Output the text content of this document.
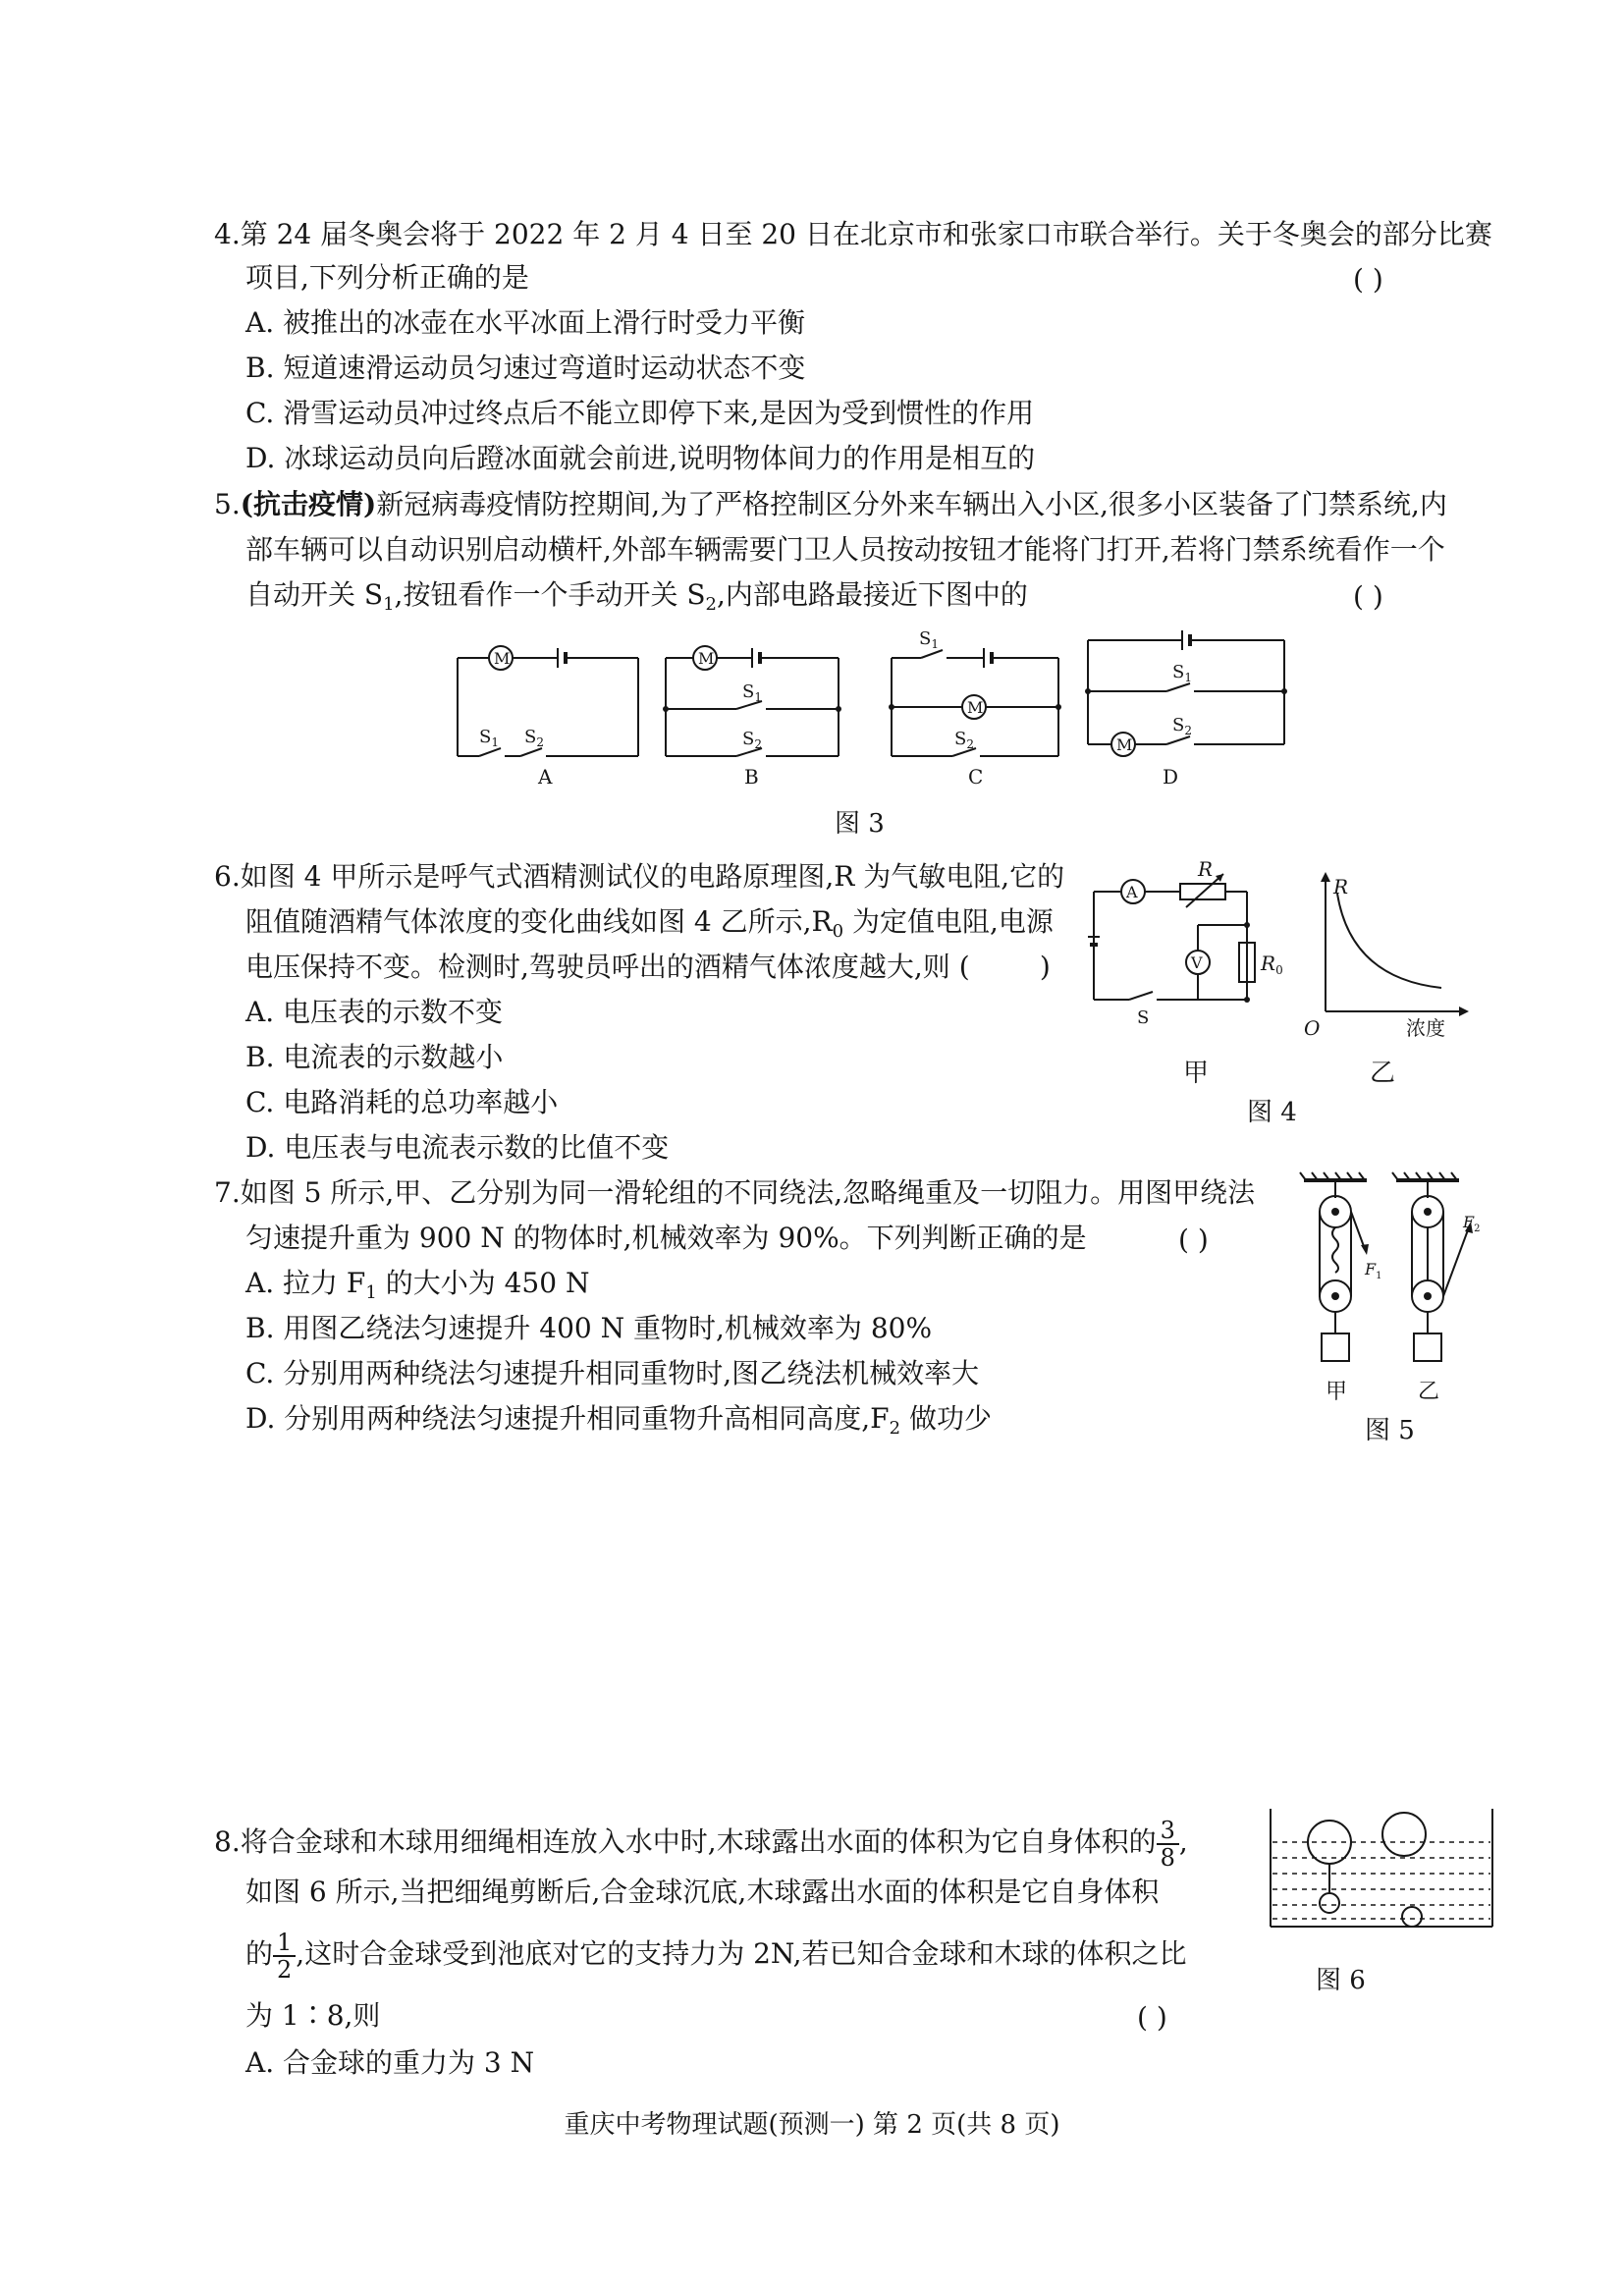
4.第 24 届冬奥会将于 2022 年 2 月 4 日至 20 日在北京市和张家口市联合举行。关于冬奥会的部分比赛
项目,下列分析正确的是	( )
A. 被推出的冰壶在水平冰面上滑行时受力平衡
B. 短道速滑运动员匀速过弯道时运动状态不变
C. 滑雪运动员冲过终点后不能立即停下来,是因为受到惯性的作用
D. 冰球运动员向后蹬冰面就会前进,说明物体间力的作用是相互的
5.(抗击疫情)新冠病毒疫情防控期间,为了严格控制区分外来车辆出入小区,很多小区装备了门禁系统,内
部车辆可以自动识别启动横杆,外部车辆需要门卫人员按动按钮才能将门打开,若将门禁系统看作一个
自动开关 $S_1$,按钮看作一个手动开关 $S_2$,内部电路最接近下图中的	( )
M
$S_1$ $S_2$
A
M
$S_1$
$S_2$
B
$S_1$
M
$S_2$
C
$S_1$
M
$S_2$
D
图 3
6.如图 4 甲所示是呼气式酒精测试仪的电路原理图,R 为气敏电阻,它的
阻值随酒精气体浓度的变化曲线如图 4 乙所示$,R_0$ 为定值电阻,电源
电压保持不变。检测时,驾驶员呼出的酒精气体浓度越大,则 (        )
A. 电压表的示数不变
B. 电流表的示数越小
C. 电路消耗的总功率越小
D. 电压表与电流表示数的比值不变
A
R
V	$R_0$
S
R
O	浓度
甲	乙
图 4
7.如图 5 所示,甲、乙分别为同一滑轮组的不同绕法,忽略绳重及一切阻力。用图甲绕法
匀速提升重为 900 N 的物体时,机械效率为 90%。下列判断正确的是	( )
A. 拉力 $F_1$ 的大小为 450 N
B. 用图乙绕法匀速提升 400 N 重物时,机械效率为 80%
C. 分别用两种绕法匀速提升相同重物时,图乙绕法机械效率大
D. 分别用两种绕法匀速提升相同重物升高相同高度$,F_2$ 做功少
$F_1$
$F_2$
甲	乙
图 5
8.将合金球和木球用细绳相连放入水中时,木球露出水面的体积为它自身体积的 $\frac{3}{8}$ ,
如图 6 所示,当把细绳剪断后,合金球沉底,木球露出水面的体积是它自身体积
的 $\frac{1}{2}$ ,这时合金球受到池底对它的支持力为 2N,若已知合金球和木球的体积之比
为 1∶8,则	( )
A. 合金球的重力为 3 N
图 6
重庆中考物理试题(预测一) 第 2 页(共 8 页)
